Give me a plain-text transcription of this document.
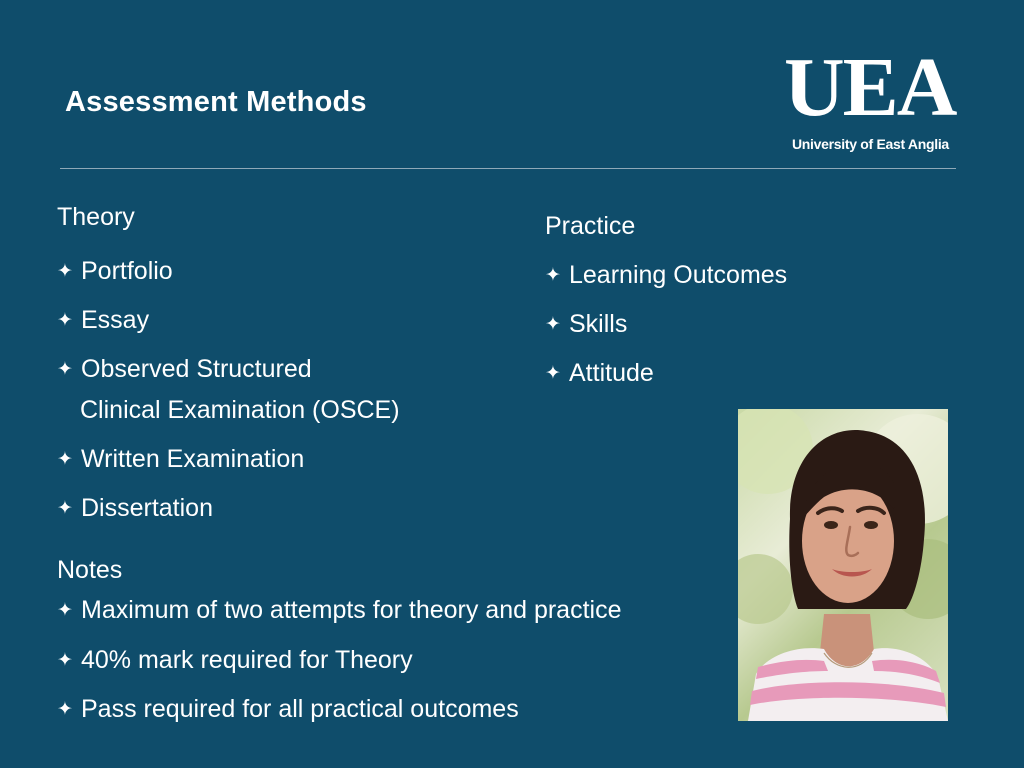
Assessment Methods	UEA
University of East Anglia
Theory
✦ Portfolio
✦ Essay
✦ Observed Structured
Clinical Examination (OSCE)
✦ Written Examination
✦ Dissertation
Practice
✦ Learning Outcomes
✦ Skills
✦ Attitude
Notes
✦ Maximum of two attempts for theory and practice
✦ 40% mark required for Theory
✦ Pass required for all practical outcomes
